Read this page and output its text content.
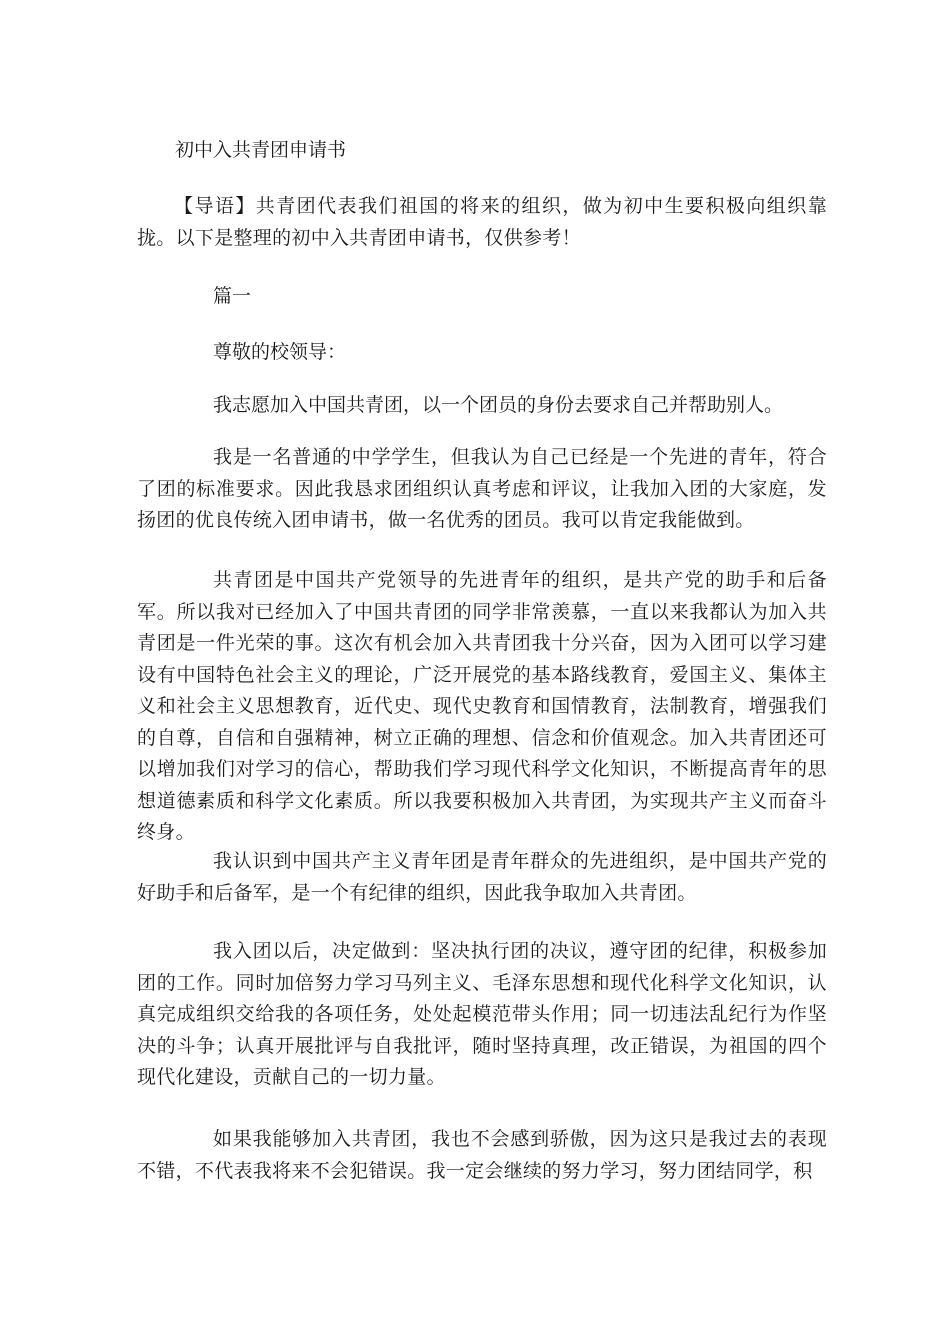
初中入共青团申请书
【导语】共青团代表我们祖国的将来的组织，做为初中生要积极向组织靠拢。以下是整理的初中入共青团申请书，仅供参考！
篇一
尊敬的校领导：
我志愿加入中国共青团，以一个团员的身份去要求自己并帮助别人。
我是一名普通的中学学生，但我认为自己已经是一个先进的青年，符合了团的标准要求。因此我恳求团组织认真考虑和评议，让我加入团的大家庭，发扬团的优良传统入团申请书，做一名优秀的团员。我可以肯定我能做到。
共青团是中国共产党领导的先进青年的组织，是共产党的助手和后备军。所以我对已经加入了中国共青团的同学非常羡慕，一直以来我都认为加入共青团是一件光荣的事。这次有机会加入共青团我十分兴奋，因为入团可以学习建设有中国特色社会主义的理论，广泛开展党的基本路线教育，爱国主义、集体主义和社会主义思想教育，近代史、现代史教育和国情教育，法制教育，增强我们的自尊，自信和自强精神，树立正确的理想、信念和价值观念。加入共青团还可以增加我们对学习的信心，帮助我们学习现代科学文化知识，不断提高青年的思想道德素质和科学文化素质。所以我要积极加入共青团，为实现共产主义而奋斗终身。
我认识到中国共产主义青年团是青年群众的先进组织，是中国共产党的好助手和后备军，是一个有纪律的组织，因此我争取加入共青团。
我入团以后，决定做到：坚决执行团的决议，遵守团的纪律，积极参加团的工作。同时加倍努力学习马列主义、毛泽东思想和现代化科学文化知识，认真完成组织交给我的各项任务，处处起模范带头作用；同一切违法乱纪行为作坚决的斗争；认真开展批评与自我批评，随时坚持真理，改正错误，为祖国的四个现代化建设，贡献自己的一切力量。
如果我能够加入共青团，我也不会感到骄傲，因为这只是我过去的表现不错，不代表我将来不会犯错误。我一定会继续的努力学习，努力团结同学，积
